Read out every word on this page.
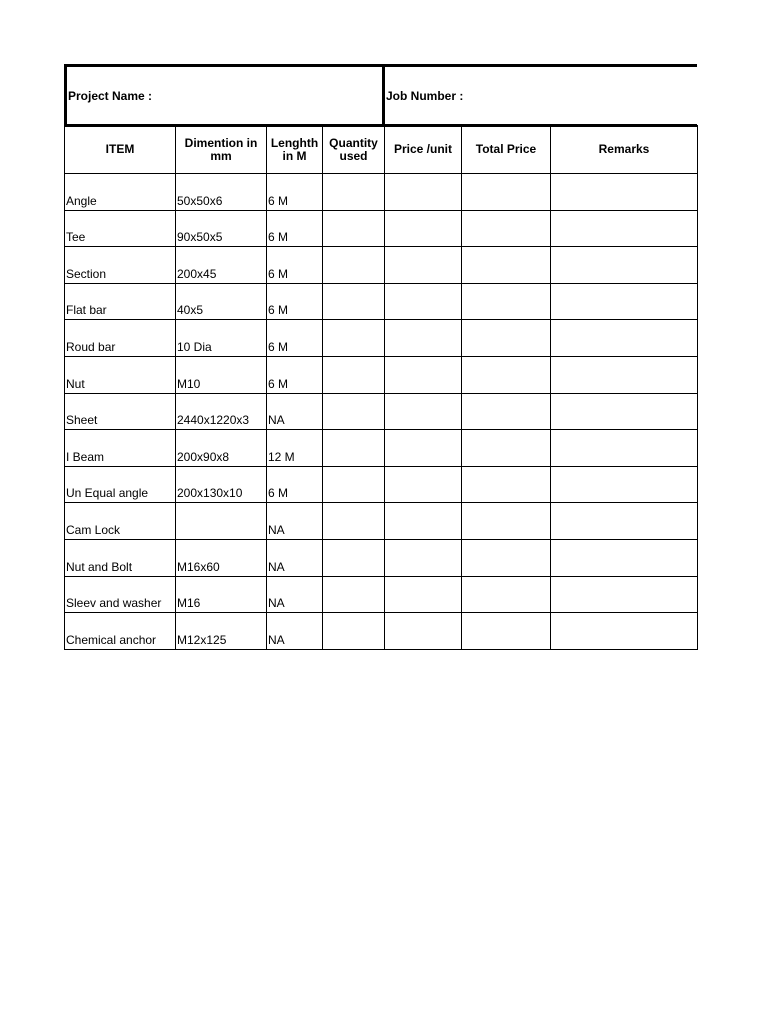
Project Name :	Job Number :
ITEM	Dimention in mm	Lenghth in M	Quantity used	Price /unit	Total Price	Remarks
Angle	50x50x6	6 M				
Tee	90x50x5	6 M				
Section	200x45	6 M				
Flat bar	40x5	6 M				
Roud bar	10 Dia	6 M				
Nut	M10	6 M				
Sheet	2440x1220x3	NA				
I Beam	200x90x8	12 M				
Un Equal angle	200x130x10	6 M				
Cam Lock		NA				
Nut and Bolt	M16x60	NA				
Sleev and washer	M16	NA				
Chemical anchor	M12x125	NA				
